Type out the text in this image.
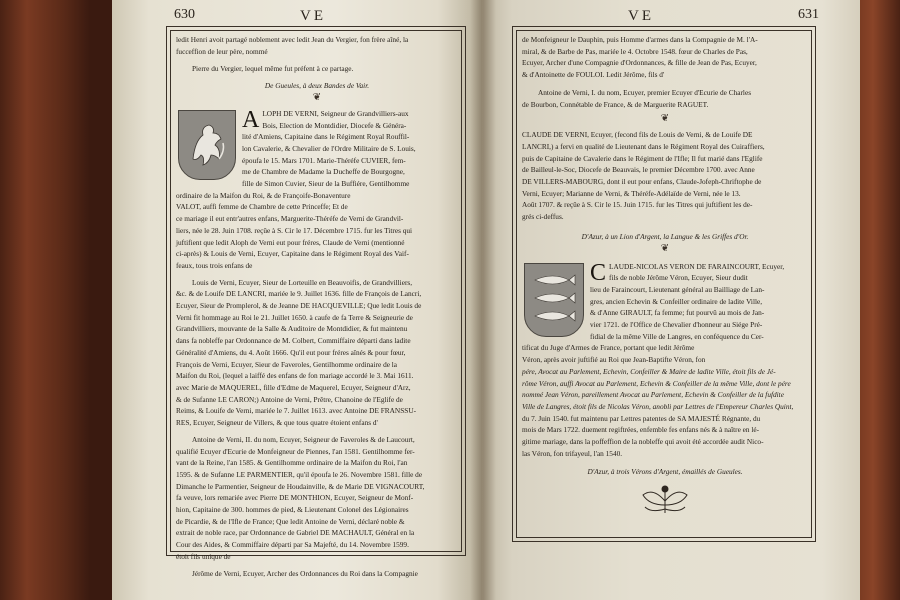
630	VE

ledit Henri avoit partagé noblement avec ledit Jean du Vergier, fon frère aîné, la

fucceffion de leur père, nommé

Pierre du Vergier, lequel même fut préfent à ce partage.

De Gueules, à deux Bandes de Vair.

❦

A LOPH DE VERNI, Seigneur de Grandvilliers-aux

Bois, Election de Montdidier, Diocefe & Généra-

lité d'Amiens, Capitaine dans le Régiment Royal Rouffil-

lon Cavalerie, & Chevalier de l'Ordre Militaire de S. Louis,

époufa le 15. Mars 1701. Marie-Théréfe CUVIER, fem-

me de Chambre de Madame la Ducheffe de Bourgogne,

fille de Simon Cuvier, Sieur de la Buffiére, Gentilhomme

ordinaire de la Maifon du Roi, & de Françoife-Bonaventure

VALOT, auffi femme de Chambre de cette Princeffe; Et de

ce mariage il eut entr'autres enfans, Marguerite-Théréfe de Verni de Grandvil-

liers, née le 28. Juin 1708. reçûe à S. Cir le 17. Décembre 1715. fur les Titres qui

juftifient que ledit Aloph de Verni eut pour fréres, Claude de Verni (mentionné

ci-après) & Louis de Verni, Ecuyer, Capitaine dans le Régiment Royal des Vaif-

feaux, tous trois enfans de

Louis de Verni, Ecuyer, Sieur de Lorteuille en Beauvoifis, de Grandvilliers,

&c. & de Louife DE LANCRI, mariée le 9. Juillet 1636. fille de François de Lancri,

Ecuyer, Sieur de Promplerol, & de Jeanne DE HACQUEVILLE; Que ledit Louis de

Verni fit hommage au Roi le 21. Juillet 1650. à caufe de fa Terre & Seigneurie de

Grandvilliers, mouvante de la Salle & Auditoire de Montdidier, & fut maintenu

dans fa nobleffe par Ordonnance de M. Colbert, Commiffaire départi dans ladite

Généralité d'Amiens, du 4. Août 1666. Qu'il eut pour fréres aînés & pour fœur,

François de Verni, Ecuyer, Sieur de Faveroles, Gentilhomme ordinaire de la

Maifon du Roi, (lequel a laiffé des enfans de fon mariage accordé le 3. Mai 1611.

avec Marie de MAQUEREL, fille d'Edme de Maquerel, Ecuyer, Seigneur d'Arz,

& de Sufanne LE CARON;) Antoine de Verni, Prêtre, Chanoine de l'Eglife de

Reims, & Louife de Verni, mariée le 7. Juillet 1613. avec Antoine DE FRANSSU-

RES, Ecuyer, Seigneur de Villers, & que tous quatre étoient enfans d'

Antoine de Verni, II. du nom, Ecuyer, Seigneur de Faveroles & de Laucourt,

qualifié Ecuyer d'Ecurie de Monfeigneur de Piennes, l'an 1581. Gentilhomme fer-

vant de la Reine, l'an 1585. & Gentilhomme ordinaire de la Maifon du Roi, l'an

1595. & de Sufanne LE PARMENTIER, qu'il époufa le 26. Novembre 1581. fille de

Dimanche le Parmentier, Seigneur de Houdainville, & de Marie DE VIGNACOURT,

fa veuve, lors remariée avec Pierre DE MONTHION, Ecuyer, Seigneur de Monf-

hion, Capitaine de 300. hommes de pied, & Lieutenant Colonel des Légionaires

de Picardie, & de l'Ifle de France; Que ledit Antoine de Verni, déclaré noble &

extrait de noble race, par Ordonnance de Gabriel DE MACHAULT, Général en la

Cour des Aides, & Commiffaire départi par Sa Majefté, du 14. Novembre 1599.

étoit fils unique de

Jérôme de Verni, Ecuyer, Archer des Ordonnances du Roi dans la Compagnie

VE	631

de Monfeigneur le Dauphin, puis Homme d'armes dans la Compagnie de M. l'A-

miral, & de Barbe de Pas, mariée le 4. Octobre 1548. fœur de Charles de Pas,

Ecuyer, Archer d'une Compagnie d'Ordonnances, & fille de Jean de Pas, Ecuyer,

& d'Antoinette de FOULOI. Ledit Jérôme, fils d'

Antoine de Verni, I. du nom, Ecuyer, premier Ecuyer d'Ecurie de Charles

de Bourbon, Connétable de France, & de Marguerite RAGUET.

❦

CLAUDE DE VERNI, Ecuyer, (fecond fils de Louis de Verni, & de Louife DE

LANCRI,) a fervi en qualité de Lieutenant dans le Régiment Royal des Cuiraffiers,

puis de Capitaine de Cavalerie dans le Régiment de l'Ifle; Il fut marié dans l'Eglife

de Bailleul-le-Soc, Diocefe de Beauvais, le premier Décembre 1700. avec Anne

DE VILLERS-MABOURG, dont il eut pour enfans, Claude-Jofeph-Chriftophe de

Verni, Ecuyer; Marianne de Verni, & Théréfe-Adélaïde de Verni, née le 13.

Août 1707. & reçûe à S. Cir le 15. Juin 1715. fur les Titres qui juftifient les de-

grés ci-deffus.

D'Azur, à un Lion d'Argent, la Langue & les Griffes d'Or.

❦

C LAUDE-NICOLAS VERON DE FARAINCOURT, Ecuyer,

fils de noble Jérôme Véron, Ecuyer, Sieur dudit

lieu de Faraincourt, Lieutenant général au Bailliage de Lan-

gres, ancien Echevin & Confeiller ordinaire de ladite Ville,

& d'Anne GIRAULT, fa femme; fut pourvû au mois de Jan-

vier 1721. de l'Office de Chevalier d'honneur au Siége Pré-

fidial de la même Ville de Langres, en conféquence du Cer-

tificat du Juge d'Armes de France, portant que ledit Jérôme

Véron, après avoir juftifié au Roi que Jean-Baptifte Véron, fon

pére, Avocat au Parlement, Echevin, Confeiller & Maire de ladite Ville, étoit fils de Jé-

rôme Véron, auffi Avocat au Parlement, Echevin & Confeiller de la même Ville, dont le pére

nommé Jean Véron, pareillement Avocat au Parlement, Echevin & Confeiller de la fufdite

Ville de Langres, étoit fils de Nicolas Véron, anobli par Lettres de l'Empereur Charles Quint,

du 7. Juin 1540. fut maintenu par Lettres patentes de SA MAJESTÉ Régnante, du

mois de Mars 1722. duement regiftrées, enfemble fes enfans nés & à naître en lé-

gitime mariage, dans la poffeffion de la nobleffe qui avoit été accordée audit Nico-

las Véron, fon trifayeul, l'an 1540.

D'Azur, à trois Vérons d'Argent, émaillés de Gueules.
